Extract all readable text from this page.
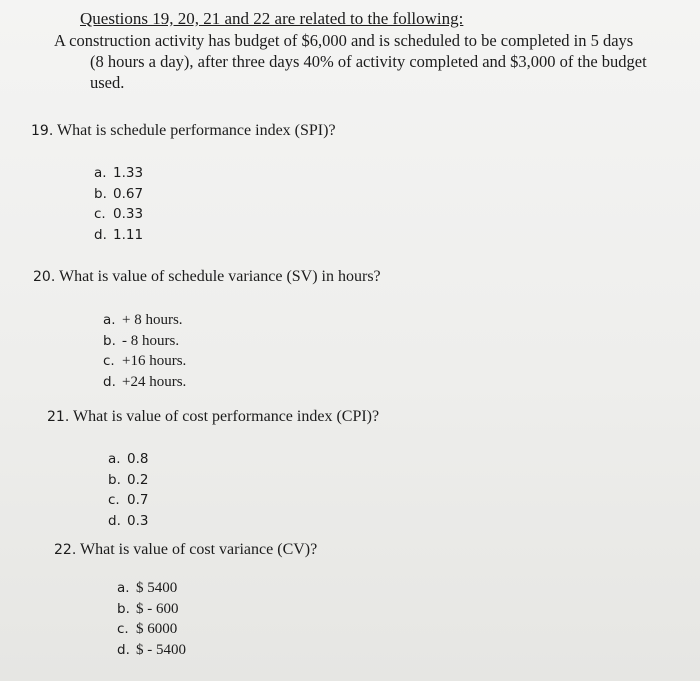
Questions 19, 20, 21 and 22 are related to the following:
A construction activity has budget of $6,000 and is scheduled to be completed in 5 days
(8 hours a day), after three days 40% of activity completed and $3,000 of the budget used.
19. What is schedule performance index (SPI)?
a. 1.33
b. 0.67
c. 0.33
d. 1.11
20. What is value of schedule variance (SV) in hours?
a. + 8 hours.
b. - 8 hours.
c. +16 hours.
d. +24 hours.
21. What is value of cost performance index (CPI)?
a. 0.8
b. 0.2
c. 0.7
d. 0.3
22. What is value of cost variance (CV)?
a. $ 5400
b. $ - 600
c. $ 6000
d. $ - 5400
